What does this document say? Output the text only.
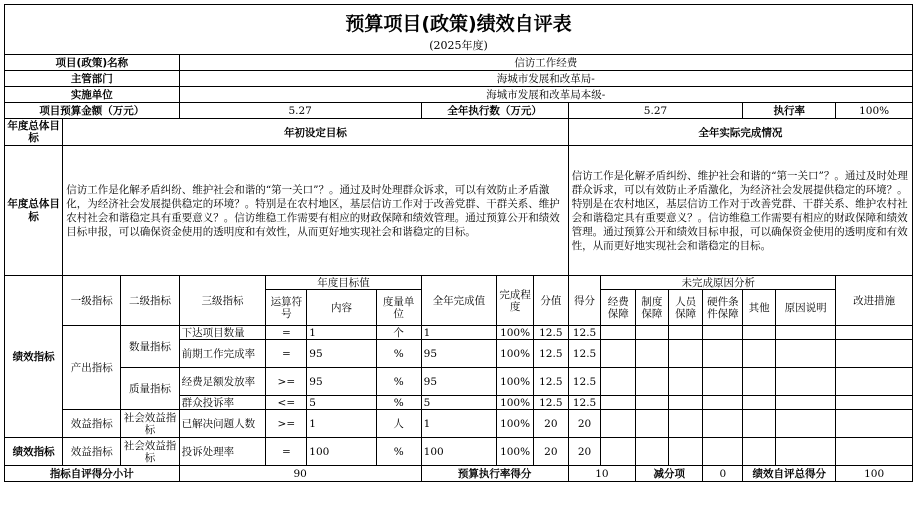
预算项目(政策)绩效自评表
(2025年度)
项目(政策)名称			信访工作经费														
主管部门			海城市发展和改革局-														
实施单位			海城市发展和改革局本级-														
项目预算金额（万元）			5.27				全年执行数（万元）			5.27					执行率		100%
年度总体目标	年初设定目标									全年实际完成情况							
年度总体目标	信访工作是化解矛盾纠纷、维护社会和谐的“第一关口”？。通过及时处理群众诉求，可以有效防止矛盾激化，为经济社会发展提供稳定的环境？。特别是在农村地区，基层信访工作对于改善党群、干群关系、维护农村社会和谐稳定具有重要意义？。信访维稳工作需要有相应的财政保障和绩效管理。通过预算公开和绩效目标申报，可以确保资金使用的透明度和有效性，从而更好地实现社会和谐稳定的目标。									信访工作是化解矛盾纠纷、维护社会和谐的“第一关口”？。通过及时处理群众诉求，可以有效防止矛盾激化，为经济社会发展提供稳定的环境？。特别是在农村地区，基层信访工作对于改善党群、干群关系、维护农村社会和谐稳定具有重要意义？。信访维稳工作需要有相应的财政保障和绩效管理。通过预算公开和绩效目标申报，可以确保资金使用的透明度和有效性，从而更好地实现社会和谐稳定的目标。							
绩效指标	一级指标	二级指标	三级指标	年度目标值			全年完成值	完成程度	分值	得分	未完成原因分析						改进措施
				运算符号	内容	度量单位					经费保障	制度保障	人员保障	硬件条件保障	其他	原因说明	

	产出指标	数量指标	下达项目数量	=	1	个	1	100%	12.5	12.5							
			前期工作完成率	=	95	%	95	100%	12.5	12.5							
		质量指标	经费足额发放率	>=	95	%	95	100%	12.5	12.5							
			群众投诉率	<=	5	%	5	100%	12.5	12.5							
	效益指标	社会效益指标	已解决问题人数	>=	1	人	1	100%	20	20							
绩效指标	效益指标	社会效益指标	投诉处理率	=	100	%	100	100%	20	20							
指标自评得分小计			90				预算执行率得分			10		减分项		0	绩效自评总得分		100
